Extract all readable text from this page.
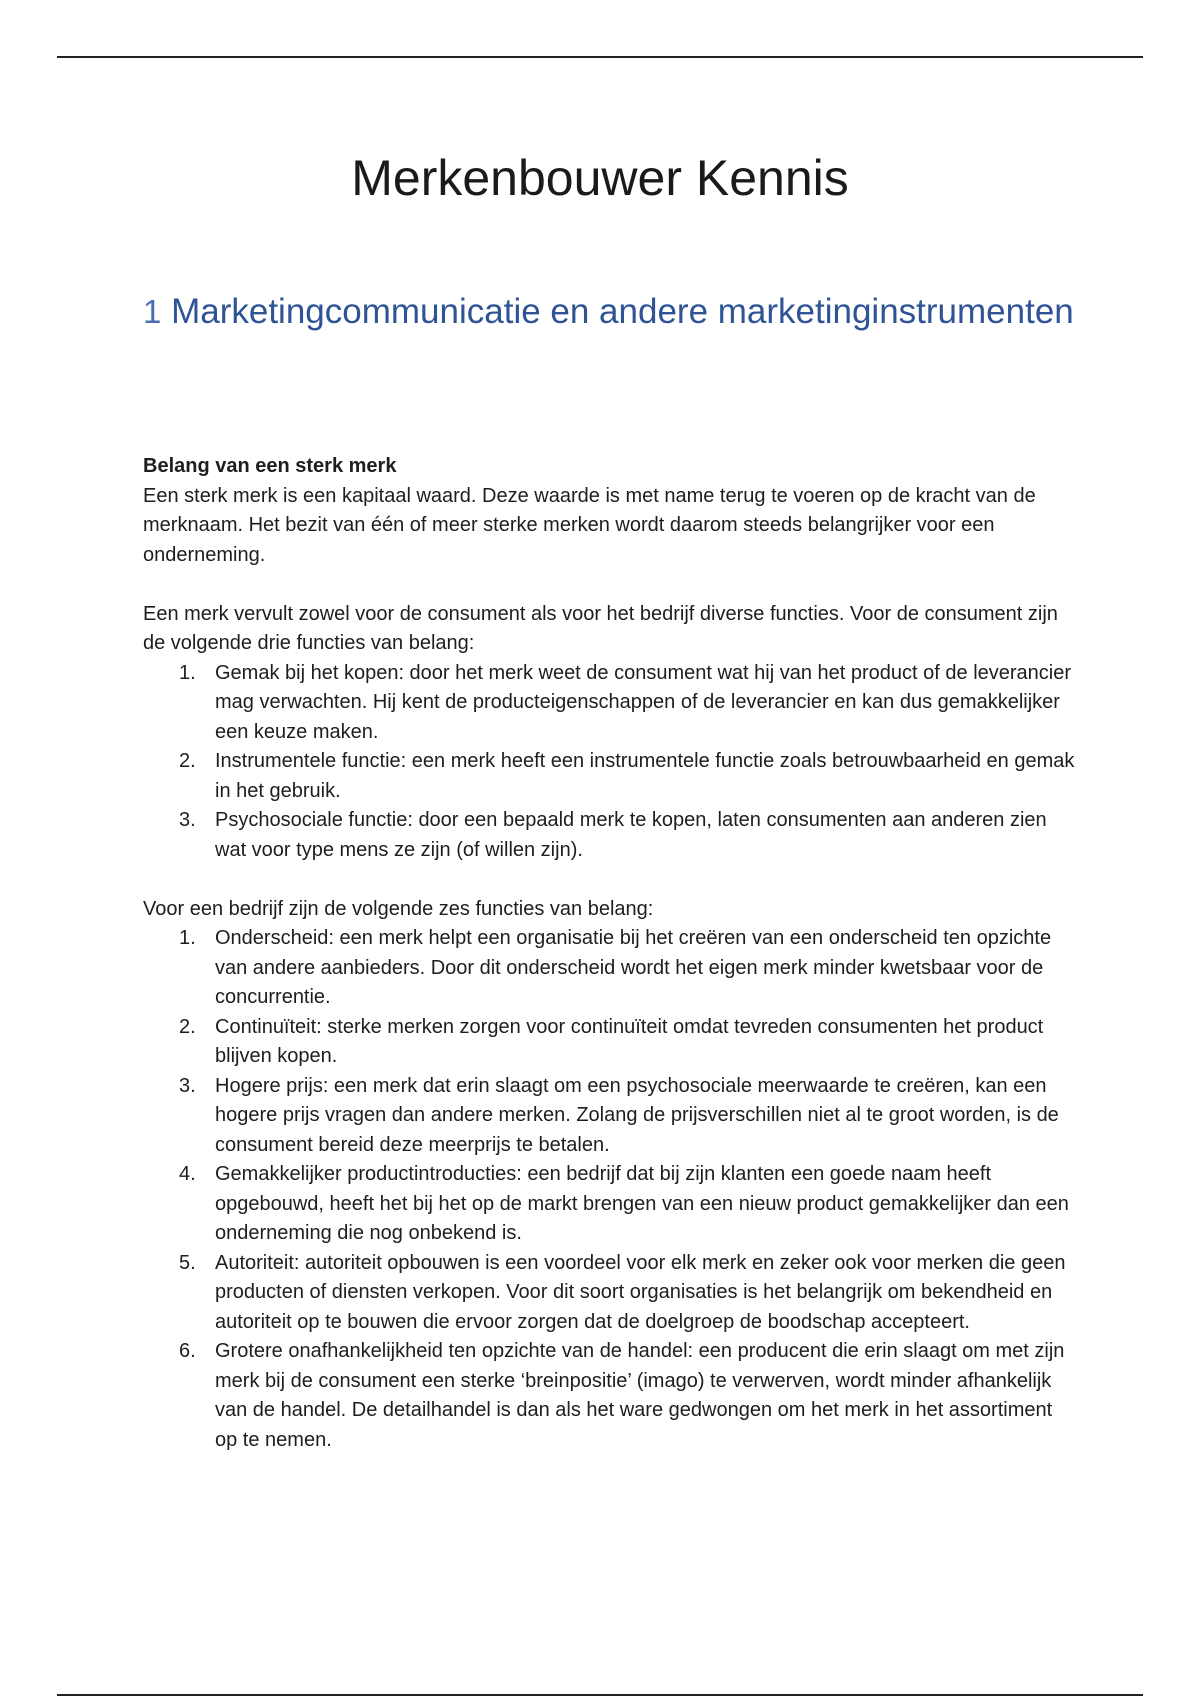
Merkenbouwer Kennis
1 Marketingcommunicatie en andere marketinginstrumenten

Belang van een sterk merk

Een sterk merk is een kapitaal waard. Deze waarde is met name terug te voeren op de kracht van de merknaam. Het bezit van één of meer sterke merken wordt daarom steeds belangrijker voor een onderneming.

Een merk vervult zowel voor de consument als voor het bedrijf diverse functies. Voor de consument zijn de volgende drie functies van belang:

1. Gemak bij het kopen: door het merk weet de consument wat hij van het product of de leverancier mag verwachten. Hij kent de producteigenschappen of de leverancier en kan dus gemakkelijker een keuze maken.
2. Instrumentele functie: een merk heeft een instrumentele functie zoals betrouwbaarheid en gemak in het gebruik.
3. Psychosociale functie: door een bepaald merk te kopen, laten consumenten aan anderen zien wat voor type mens ze zijn (of willen zijn).

Voor een bedrijf zijn de volgende zes functies van belang:

1. Onderscheid: een merk helpt een organisatie bij het creëren van een onderscheid ten opzichte van andere aanbieders. Door dit onderscheid wordt het eigen merk minder kwetsbaar voor de concurrentie.
2. Continuïteit: sterke merken zorgen voor continuïteit omdat tevreden consumenten het product blijven kopen.
3. Hogere prijs: een merk dat erin slaagt om een psychosociale meerwaarde te creëren, kan een hogere prijs vragen dan andere merken. Zolang de prijsverschillen niet al te groot worden, is de consument bereid deze meerprijs te betalen.
4. Gemakkelijker productintroducties: een bedrijf dat bij zijn klanten een goede naam heeft opgebouwd, heeft het bij het op de markt brengen van een nieuw product gemakkelijker dan een onderneming die nog onbekend is.
5. Autoriteit: autoriteit opbouwen is een voordeel voor elk merk en zeker ook voor merken die geen producten of diensten verkopen. Voor dit soort organisaties is het belangrijk om bekendheid en autoriteit op te bouwen die ervoor zorgen dat de doelgroep de boodschap accepteert.
6. Grotere onafhankelijkheid ten opzichte van de handel: een producent die erin slaagt om met zijn merk bij de consument een sterke ‘breinpositie’ (imago) te verwerven, wordt minder afhankelijk van de handel. De detailhandel is dan als het ware gedwongen om het merk in het assortiment op te nemen.
